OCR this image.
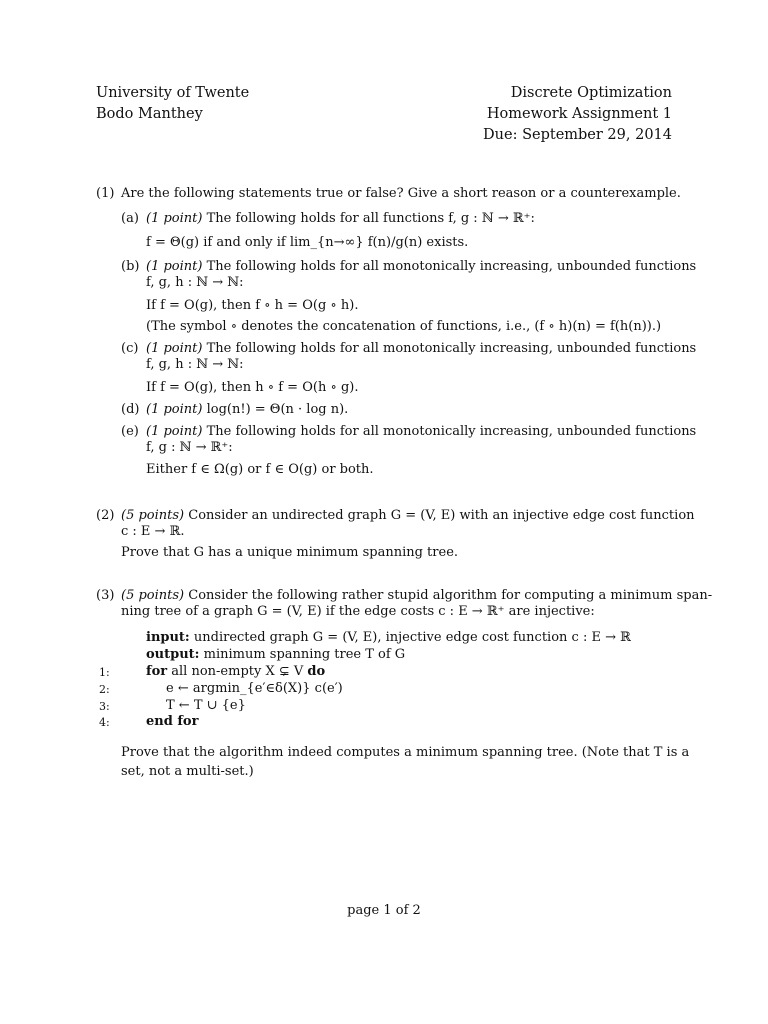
University of Twente
Bodo Manthey
Discrete Optimization
Homework Assignment 1
Due: September 29, 2014
(1) Are the following statements true or false? Give a short reason or a counterexample.
(a) (1 point) The following holds for all functions f, g : ℕ → ℝ⁺:
f = Θ(g) if and only if lim_{n→∞} f(n)/g(n) exists.
(b) (1 point) The following holds for all monotonically increasing, unbounded functions
f, g, h : ℕ → ℕ:
If f = O(g), then f ∘ h = O(g ∘ h).
(The symbol ∘ denotes the concatenation of functions, i.e., (f ∘ h)(n) = f(h(n)).)
(c) (1 point) The following holds for all monotonically increasing, unbounded functions
f, g, h : ℕ → ℕ:
If f = O(g), then h ∘ f = O(h ∘ g).
(d) (1 point) log(n!) = Θ(n · log n).
(e) (1 point) The following holds for all monotonically increasing, unbounded functions
f, g : ℕ → ℝ⁺:
Either f ∈ Ω(g) or f ∈ O(g) or both.
(2) (5 points) Consider an undirected graph G = (V, E) with an injective edge cost function
c : E → ℝ.
Prove that G has a unique minimum spanning tree.
(3) (5 points) Consider the following rather stupid algorithm for computing a minimum span-
ning tree of a graph G = (V, E) if the edge costs c : E → ℝ⁺ are injective:
input: undirected graph G = (V, E), injective edge cost function c : E → ℝ
output: minimum spanning tree T of G
1:	for all non-empty X ⊊ V do
2:	e ← argmin_{e′∈δ(X)} c(e′)
3:	T ← T ∪ {e}
4:	end for
Prove that the algorithm indeed computes a minimum spanning tree. (Note that T is a
set, not a multi-set.)
page 1 of 2
